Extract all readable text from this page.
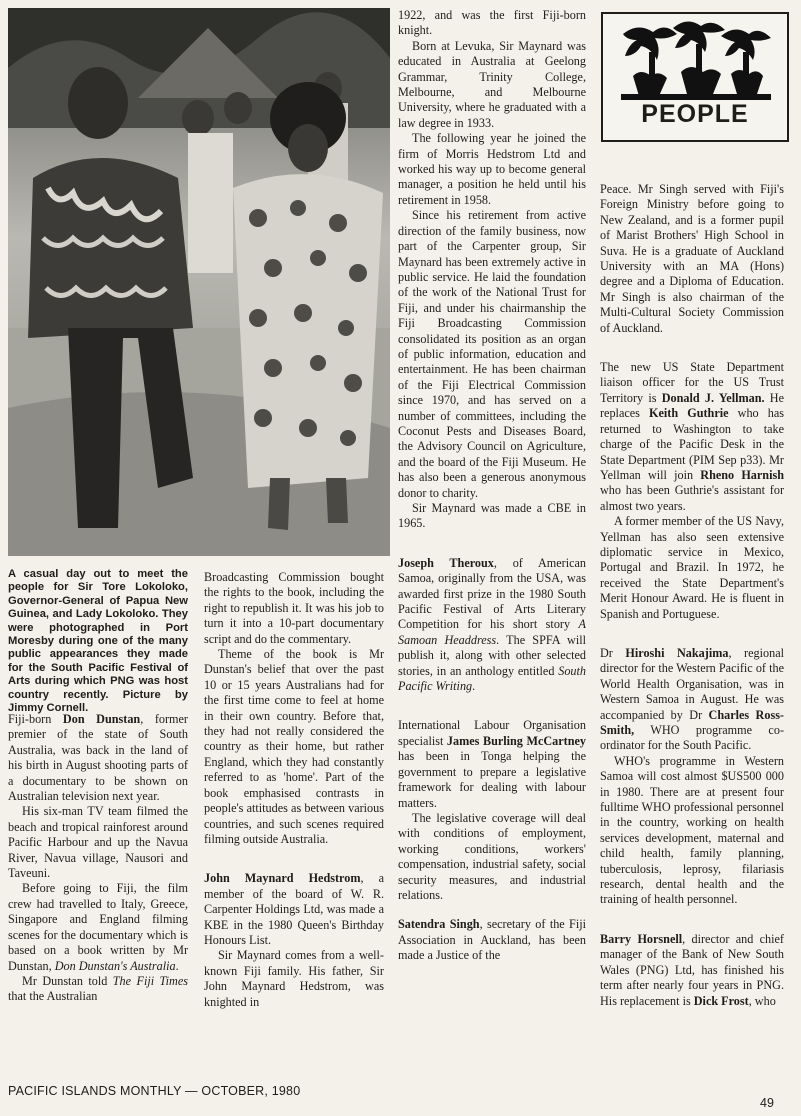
A casual day out to meet the people for Sir Tore Lokoloko, Governor-General of Papua New Guinea, and Lady Lokoloko. They were photographed in Port Moresby during one of the many public appearances they made for the South Pacific Festival of Arts during which PNG was host country recently. Picture by Jimmy Cornell.
PEOPLE

Fiji-born Don Dunstan, former premier of the state of South Australia, was back in the land of his birth in August shooting parts of a documentary to be shown on Australian television next year.

His six-man TV team filmed the beach and tropical rainforest around Pacific Harbour and up the Navua River, Navua village, Nausori and Taveuni.

Before going to Fiji, the film crew had travelled to Italy, Greece, Singapore and England filming scenes for the documentary which is based on a book written by Mr Dunstan, Don Dunstan's Australia.

Mr Dunstan told The Fiji Times that the Australian

Broadcasting Commission bought the rights to the book, including the right to republish it. It was his job to turn it into a 10-part documentary script and do the commentary.

Theme of the book is Mr Dunstan's belief that over the past 10 or 15 years Australians had for the first time come to feel at home in their own country. Before that, they had not really considered the country as their home, but rather England, which they had constantly referred to as 'home'. Part of the book emphasised contrasts in people's attitudes as between various countries, and such scenes required filming outside Australia.

John Maynard Hedstrom, a member of the board of W. R. Carpenter Holdings Ltd, was made a KBE in the 1980 Queen's Birthday Honours List.

Sir Maynard comes from a well-known Fiji family. His father, Sir John Maynard Hedstrom, was knighted in

1922, and was the first Fiji-born knight.

Born at Levuka, Sir Maynard was educated in Australia at Geelong Grammar, Trinity College, Melbourne, and Melbourne University, where he graduated with a law degree in 1933.

The following year he joined the firm of Morris Hedstrom Ltd and worked his way up to become general manager, a position he held until his retirement in 1958.

Since his retirement from active direction of the family business, now part of the Carpenter group, Sir Maynard has been extremely active in public service. He laid the foundation of the work of the National Trust for Fiji, and under his chairmanship the Fiji Broadcasting Commission consolidated its position as an organ of public information, education and entertainment. He has been chairman of the Fiji Electrical Commission since 1970, and has served on a number of committees, including the Coconut Pests and Diseases Board, the Advisory Council on Agriculture, and the board of the Fiji Museum. He has also been a generous anonymous donor to charity.

Sir Maynard was made a CBE in 1965.

Joseph Theroux, of American Samoa, originally from the USA, was awarded first prize in the 1980 South Pacific Festival of Arts Literary Competition for his short story A Samoan Headdress. The SPFA will publish it, along with other selected stories, in an anthology entitled South Pacific Writing.

International Labour Organisation specialist James Burling McCartney has been in Tonga helping the government to prepare a legislative framework for dealing with labour matters.

The legislative coverage will deal with conditions of employment, working conditions, workers' compensation, industrial safety, social security measures, and industrial relations.

Satendra Singh, secretary of the Fiji Association in Auckland, has been made a Justice of the

Peace. Mr Singh served with Fiji's Foreign Ministry before going to New Zealand, and is a former pupil of Marist Brothers' High School in Suva. He is a graduate of Auckland University with an MA (Hons) degree and a Diploma of Education. Mr Singh is also chairman of the Multi-Cultural Society Commission of Auckland.

The new US State Department liaison officer for the US Trust Territory is Donald J. Yellman. He replaces Keith Guthrie who has returned to Washington to take charge of the Pacific Desk in the State Department (PIM Sep p33). Mr Yellman will join Rheno Harnish who has been Guthrie's assistant for almost two years.

A former member of the US Navy, Yellman has also seen extensive diplomatic service in Mexico, Portugal and Brazil. In 1972, he received the State Department's Merit Honour Award. He is fluent in Spanish and Portuguese.

Dr Hiroshi Nakajima, regional director for the Western Pacific of the World Health Organisation, was in Western Samoa in August. He was accompanied by Dr Charles Ross-Smith, WHO programme co-ordinator for the South Pacific.

WHO's programme in Western Samoa will cost almost $US500 000 in 1980. There are at present four fulltime WHO professional personnel in the country, working on health services development, maternal and child health, family planning, tuberculosis, leprosy, filariasis research, dental health and the training of health personnel.

Barry Horsnell, director and chief manager of the Bank of New South Wales (PNG) Ltd, has finished his term after nearly four years in PNG. His replacement is Dick Frost, who

PACIFIC ISLANDS MONTHLY — OCTOBER, 1980
49
